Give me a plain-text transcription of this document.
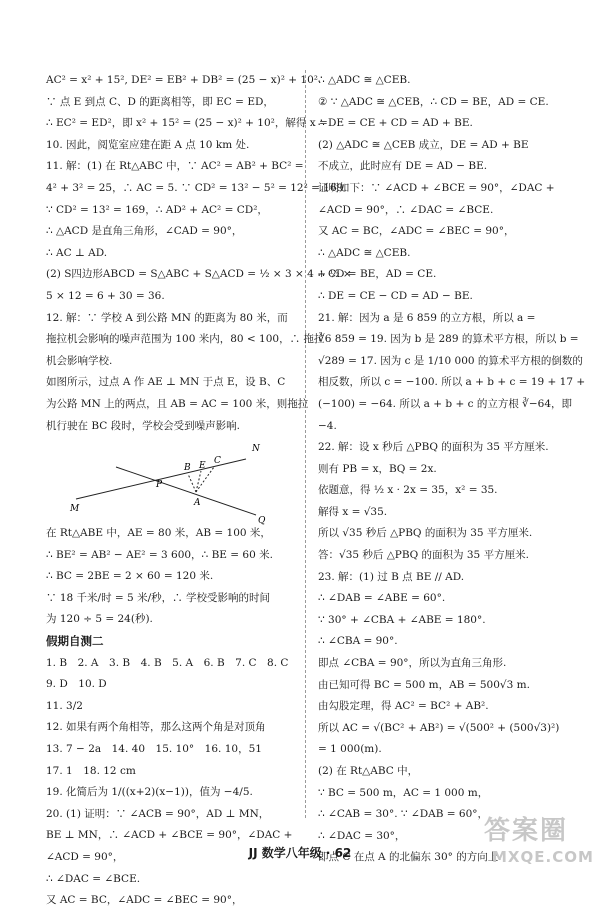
AC² = x² + 15², DE² = EB² + DB² = (25 − x)² + 10².
∵ 点 E 到点 C、D 的距离相等，即 EC = ED，
∴ EC² = ED²，即 x² + 15² = (25 − x)² + 10²，解得 x =
10. 因此，阅览室应建在距 A 点 10 km 处.
11. 解：(1) 在 Rt△ABC 中，∵ AC² = AB² + BC² =
4² + 3² = 25，∴ AC = 5. ∵ CD² = 13² − 5² = 12² = 169.
∵ CD² = 13² = 169，∴ AD² + AC² = CD²，
∴ △ACD 是直角三角形，∠CAD = 90°，
∴ AC ⊥ AD.
(2) S四边形ABCD = S△ABC + S△ACD = ½ × 3 × 4 + ½ ×
5 × 12 = 6 + 30 = 36.
12. 解：∵ 学校 A 到公路 MN 的距离为 80 米，而
拖拉机会影响的噪声范围为 100 米内，80 < 100，∴ 拖拉
机会影响学校.
如图所示，过点 A 作 AE ⊥ MN 于点 E，设 B、C
为公路 MN 上的两点，且 AB = AC = 100 米，则拖拉
机行驶在 BC 段时，学校会受到噪声影响.
N
B E C
P
A
M
Q
在 Rt△ABE 中，AE = 80 米，AB = 100 米，
∴ BE² = AB² − AE² = 3 600，∴ BE = 60 米.
∴ BC = 2BE = 2 × 60 = 120 米.
∵ 18 千米/时 = 5 米/秒，∴ 学校受影响的时间
为 120 ÷ 5 = 24(秒).
假期自测二
1. B　2. A　3. B　4. B　5. A　6. B　7. C　8. C
9. D　10. D
11. 3/2
12. 如果有两个角相等，那么这两个角是对顶角
13. 7 − 2a　14. 40　15. 10°　16. 10，51
17. 1　18. 12 cm
19. 化简后为 1/((x+2)(x−1))，值为 −4/5.
20. (1) 证明：∵ ∠ACB = 90°，AD ⊥ MN，
BE ⊥ MN，∴ ∠ACD + ∠BCE = 90°，∠DAC +
∠ACD = 90°，
∴ ∠DAC = ∠BCE.
又 AC = BC，∠ADC = ∠BEC = 90°，
∴ △ADC ≅ △CEB.
② ∵ △ADC ≅ △CEB，∴ CD = BE，AD = CE.
∴ DE = CE + CD = AD + BE.
(2) △ADC ≅ △CEB 成立，DE = AD + BE
不成立，此时应有 DE = AD − BE.
证明如下：∵ ∠ACD + ∠BCE = 90°，∠DAC +
∠ACD = 90°，∴ ∠DAC = ∠BCE.
又 AC = BC，∠ADC = ∠BEC = 90°，
∴ △ADC ≅ △CEB.
∴ CD = BE，AD = CE.
∴ DE = CE − CD = AD − BE.
21. 解：因为 a 是 6 859 的立方根，所以 a =
∛6 859 = 19. 因为 b 是 289 的算术平方根，所以 b =
√289 = 17. 因为 c 是 1/10 000 的算术平方根的倒数的
相反数，所以 c = −100. 所以 a + b + c = 19 + 17 +
(−100) = −64. 所以 a + b + c 的立方根 ∛−64，即
−4.
22. 解：设 x 秒后 △PBQ 的面积为 35 平方厘米.
则有 PB = x，BQ = 2x.
依题意，得 ½ x · 2x = 35，x² = 35.
解得 x = √35.
所以 √35 秒后 △PBQ 的面积为 35 平方厘米.
答：√35 秒后 △PBQ 的面积为 35 平方厘米.
23. 解：(1) 过 B 点 BE // AD.
∴ ∠DAB = ∠ABE = 60°.
∵ 30° + ∠CBA + ∠ABE = 180°.
∴ ∠CBA = 90°.
即点 ∠CBA = 90°，所以为直角三角形.
由已知可得 BC = 500 m，AB = 500√3 m.
由勾股定理，得 AC² = BC² + AB².
所以 AC = √(BC² + AB²) = √(500² + (500√3)²)
= 1 000(m).
(2) 在 Rt△ABC 中，
∵ BC = 500 m，AC = 1 000 m，
∴ ∠CAB = 30°. ∵ ∠DAB = 60°，
∴ ∠DAC = 30°，
即点 C 在点 A 的北偏东 30° 的方向上.
JJ 数学八年级 · 62
答案圈
MXQE.COM
